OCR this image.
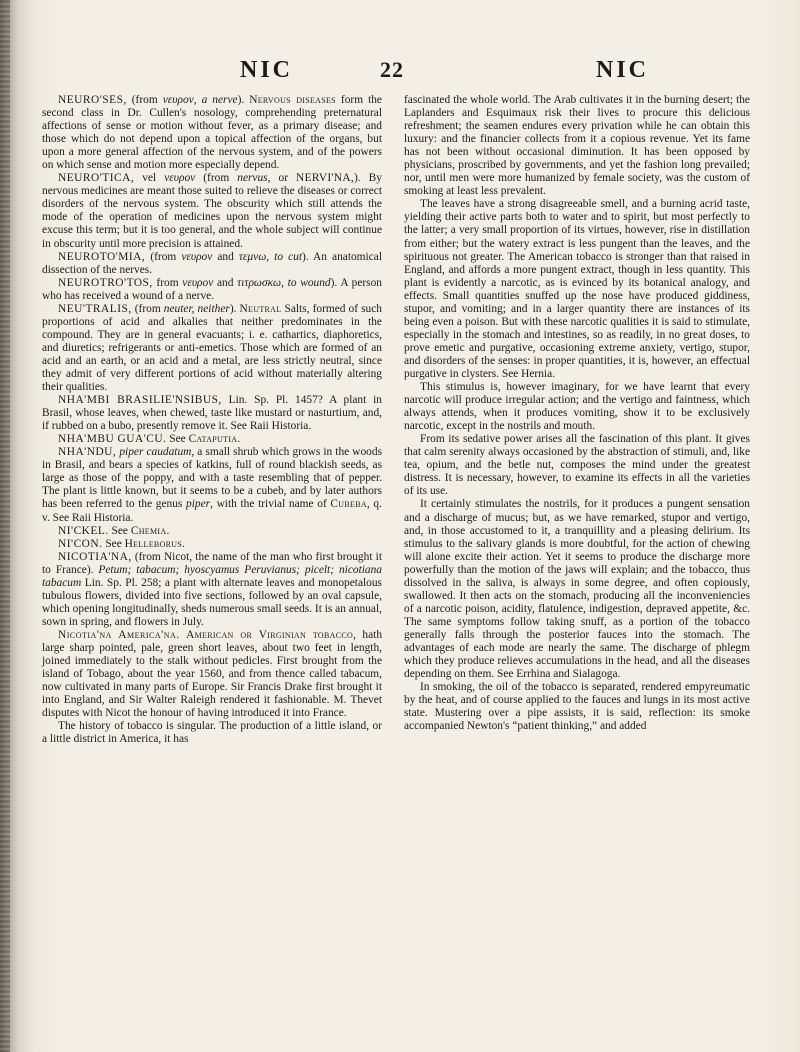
NIC	22	NIC

NEURO'SES, (from νευρον, a nerve). Nervous diseases form the second class in Dr. Cullen's nosology, comprehending preternatural affections of sense or motion without fever, as a primary disease; and those which do not depend upon a topical affection of the organs, but upon a more general affection of the nervous system, and of the powers on which sense and motion more especially depend.

NEURO'TICA, vel νευρον (from nervus, or NERVI'NA,). By nervous medicines are meant those suited to relieve the diseases or correct disorders of the nervous system. The obscurity which still attends the mode of the operation of medicines upon the nervous system might excuse this term; but it is too general, and the whole subject will continue in obscurity until more precision is attained.

NEUROTO'MIA, (from νευρον and τεμνω, to cut). An anatomical dissection of the nerves.

NEUROTRO'TOS, from νευρον and τιτρωσκω, to wound). A person who has received a wound of a nerve.

NEU'TRALIS, (from neuter, neither). Neutral Salts, formed of such proportions of acid and alkalies that neither predominates in the compound. They are in general evacuants; i. e. cathartics, diaphoretics, and diuretics; refrigerants or anti-emetics. Those which are formed of an acid and an earth, or an acid and a metal, are less strictly neutral, since they admit of very different portions of acid without materially altering their qualities.

NHA'MBI BRASILIE'NSIBUS, Lin. Sp. Pl. 1457? A plant in Brasil, whose leaves, when chewed, taste like mustard or nasturtium, and, if rubbed on a bubo, presently remove it. See Raii Historia.

NHA'MBU GUA'CU. See Cataputia.

NHA'NDU, piper caudatum, a small shrub which grows in the woods in Brasil, and bears a species of katkins, full of round blackish seeds, as large as those of the poppy, and with a taste resembling that of pepper. The plant is little known, but it seems to be a cubeb, and by later authors has been referred to the genus piper, with the trivial name of Cubeba, q. v. See Raii Historia.

NI'CKEL. See Chemia.

NI'CON. See Helleborus.

NICOTIA'NA, (from Nicot, the name of the man who first brought it to France). Petum; tabacum; hyoscyamus Peruvianus; picelt; nicotiana tabacum Lin. Sp. Pl. 258; a plant with alternate leaves and monopetalous tubulous flowers, divided into five sections, followed by an oval capsule, which opening longitudinally, sheds numerous small seeds. It is an annual, sown in spring, and flowers in July.

Nicotia'na America'na. American or Virginian tobacco, hath large sharp pointed, pale, green short leaves, about two feet in length, joined immediately to the stalk without pedicles. First brought from the island of Tobago, about the year 1560, and from thence called tabacum, now cultivated in many parts of Europe. Sir Francis Drake first brought it into England, and Sir Walter Raleigh rendered it fashionable. M. Thevet disputes with Nicot the honour of having introduced it into France.

The history of tobacco is singular. The production of a little island, or a little district in America, it has

fascinated the whole world. The Arab cultivates it in the burning desert; the Laplanders and Esquimaux risk their lives to procure this delicious refreshment; the seamen endures every privation while he can obtain this luxury: and the financier collects from it a copious revenue. Yet its fame has not been without occasional diminution. It has been opposed by physicians, proscribed by governments, and yet the fashion long prevailed; nor, until men were more humanized by female society, was the custom of smoking at least less prevalent.

The leaves have a strong disagreeable smell, and a burning acrid taste, yielding their active parts both to water and to spirit, but most perfectly to the latter; a very small proportion of its virtues, however, rise in distillation from either; but the watery extract is less pungent than the leaves, and the spirituous not greater. The American tobacco is stronger than that raised in England, and affords a more pungent extract, though in less quantity. This plant is evidently a narcotic, as is evinced by its botanical analogy, and effects. Small quantities snuffed up the nose have produced giddiness, stupor, and vomiting; and in a larger quantity there are instances of its being even a poison. But with these narcotic qualities it is said to stimulate, especially in the stomach and intestines, so as readily, in no great doses, to prove emetic and purgative, occasioning extreme anxiety, vertigo, stupor, and disorders of the senses: in proper quantities, it is, however, an effectual purgative in clysters. See Hernia.

This stimulus is, however imaginary, for we have learnt that every narcotic will produce irregular action; and the vertigo and faintness, which always attends, when it produces vomiting, show it to be exclusively narcotic, except in the nostrils and mouth.

From its sedative power arises all the fascination of this plant. It gives that calm serenity always occasioned by the abstraction of stimuli, and, like tea, opium, and the betle nut, composes the mind under the greatest distress. It is necessary, however, to examine its effects in all the varieties of its use.

It certainly stimulates the nostrils, for it produces a pungent sensation and a discharge of mucus; but, as we have remarked, stupor and vertigo, and, in those accustomed to it, a tranquillity and a pleasing delirium. Its stimulus to the salivary glands is more doubtful, for the action of chewing will alone excite their action. Yet it seems to produce the discharge more powerfully than the motion of the jaws will explain; and the tobacco, thus dissolved in the saliva, is always in some degree, and often copiously, swallowed. It then acts on the stomach, producing all the inconveniencies of a narcotic poison, acidity, flatulence, indigestion, depraved appetite, &c. The same symptoms follow taking snuff, as a portion of the tobacco generally falls through the posterior fauces into the stomach. The advantages of each mode are nearly the same. The discharge of phlegm which they produce relieves accumulations in the head, and all the diseases depending on them. See Errhina and Sialagoga.

In smoking, the oil of the tobacco is separated, rendered empyreumatic by the heat, and of course applied to the fauces and lungs in its most active state. Mustering over a pipe assists, it is said, reflection: its smoke accompanied Newton's “patient thinking,” and added
